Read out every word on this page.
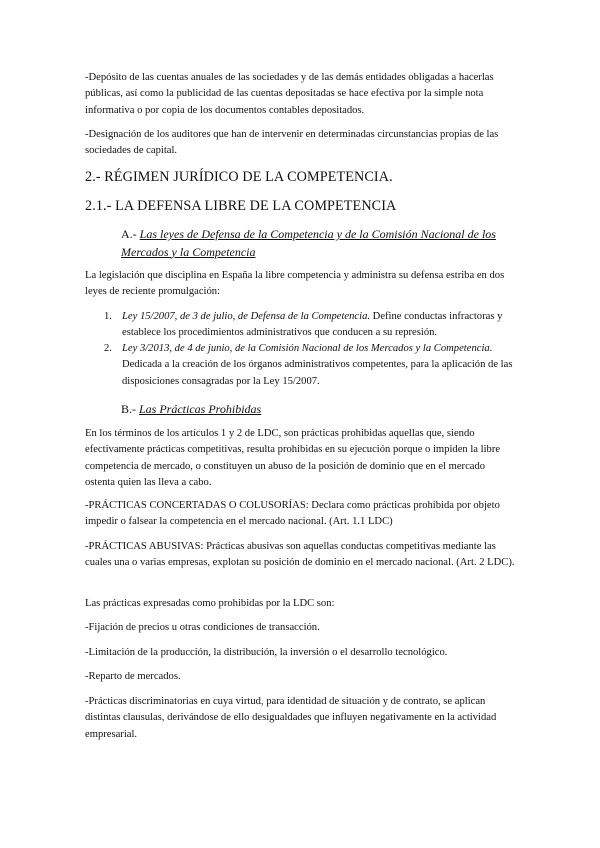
-Depósito de las cuentas anuales de las sociedades y de las demás entidades obligadas a hacerlas públicas, así como la publicidad de las cuentas depositadas se hace efectiva por la simple nota informativa o por copia de los documentos contables depositados.

-Designación de los auditores que han de intervenir en determinadas circunstancias propias de las sociedades de capital.

2.- RÉGIMEN JURÍDICO DE LA COMPETENCIA.
2.1.- LA DEFENSA LIBRE DE LA COMPETENCIA

A.- Las leyes de Defensa de la Competencia y de la Comisión Nacional de los Mercados y la Competencia

La legislación que disciplina en España la libre competencia y administra su defensa estriba en dos leyes de reciente promulgación:

1. Ley 15/2007, de 3 de julio, de Defensa de la Competencia. Define conductas infractoras y establece los procedimientos administrativos que conducen a su represión.
2. Ley 3/2013, de 4 de junio, de la Comisión Nacional de los Mercados y la Competencia. Dedicada a la creación de los órganos administrativos competentes, para la aplicación de las disposiciones consagradas por la Ley 15/2007.

B.- Las Prácticas Prohibidas

En los términos de los artículos 1 y 2 de LDC, son prácticas prohibidas aquellas que, siendo efectivamente prácticas competitivas, resulta prohibidas en su ejecución porque o impiden la libre competencia de mercado, o constituyen un abuso de la posición de dominio que en el mercado ostenta quien las lleva a cabo.

-PRÁCTICAS CONCERTADAS O COLUSORÍAS: Declara como prácticas prohibida por objeto impedir o falsear la competencia en el mercado nacional. (Art. 1.1 LDC)

-PRÁCTICAS ABUSIVAS: Prácticas abusivas son aquellas conductas competitivas mediante las cuales una o varias empresas, explotan su posición de dominio en el mercado nacional. (Art. 2 LDC).

Las prácticas expresadas como prohibidas por la LDC son:

-Fijación de precios u otras condiciones de transacción.

-Limitación de la producción, la distribución, la inversión o el desarrollo tecnológico.

-Reparto de mercados.

-Prácticas discriminatorias en cuya virtud, para identidad de situación y de contrato, se aplican distintas clausulas, derivándose de ello desigualdades que influyen negativamente en la actividad empresarial.
